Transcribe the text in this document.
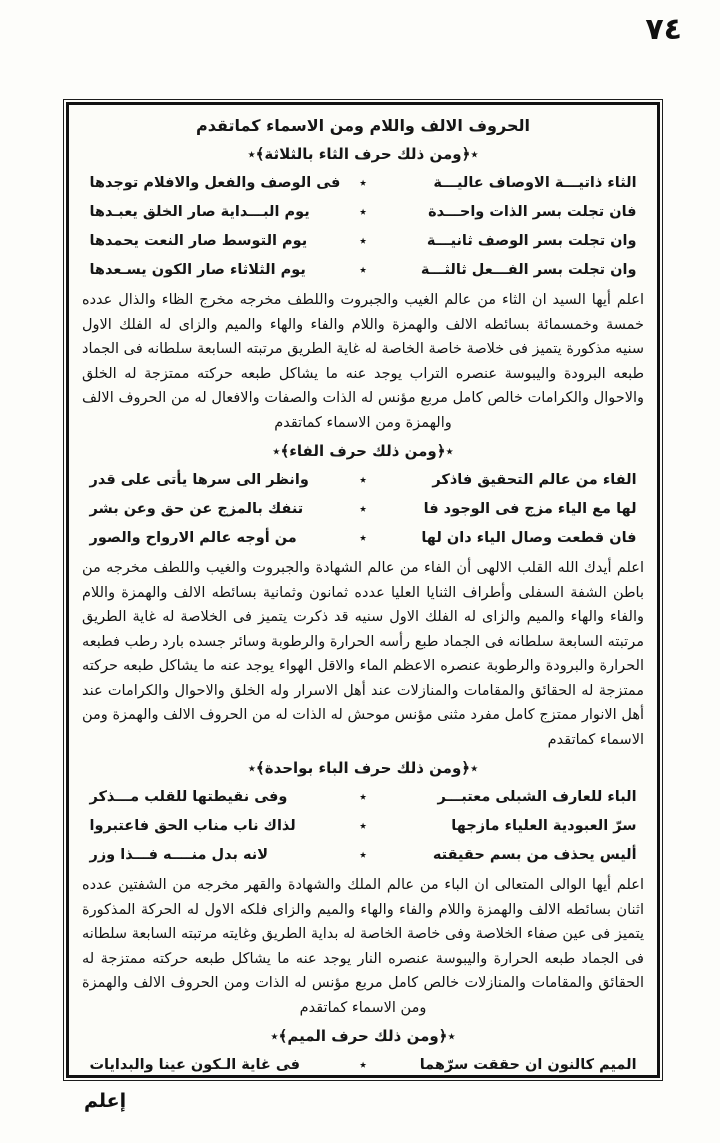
٧٤
الحروف الالف واللام ومن الاسماء كماتقدم
٭﴿ومن ذلك حرف الثاء بالثلاثة﴾٭
الثاء ذاتيـــة الاوصاف عاليـــة
٭
فى الوصف والفعل والافلام توجدها
فان تجلت بسر الذات واحـــدة
٭
يوم البـــداية صار الخلق يعبـدها
وان تجلت بسر الوصف ثانيـــة
٭
يوم التوسط صار النعت يحمدها
وان تجلت بسر الفـــعل ثالثـــة
٭
يوم الثلاثاء صار الكون يسـعدها
اعلم أيها السيد ان الثاء من عالم الغيب والجبروت واللطف مخرجه مخرج الظاء والذال عدده خمسة وخمسمائة بسائطه الالف والهمزة واللام والفاء والهاء والميم والزاى له الفلك الاول سنيه مذكورة يتميز فى خلاصة خاصة الخاصة له غاية الطريق مرتبته السابعة سلطانه فى الجماد طبعه البرودة واليبوسة عنصره التراب يوجد عنه ما يشاكل طبعه حركته ممتزجة له الخلق والاحوال والكرامات خالص كامل مربع مؤنس له الذات والصفات والافعال له من الحروف الالف والهمزة ومن الاسماء كماتقدم
٭﴿ومن ذلك حرف الفاء﴾٭
الفاء من عالم التحقيق فاذكر
٭
وانظر الى سرها يأتى على قدر
لها مع الياء مزج فى الوجود فا
٭
تنفك بالمزج عن حق وعن بشر
فان قطعت وصال الياء دان لها
٭
من أوجه عالم الارواح والصور
اعلم أيدك الله القلب الالهى أن الفاء من عالم الشهادة والجبروت والغيب واللطف مخرجه من باطن الشفة السفلى وأطراف الثنايا العليا عدده ثمانون وثمانية بسائطه الالف والهمزة واللام والفاء والهاء والميم والزاى له الفلك الاول سنيه قد ذكرت يتميز فى الخلاصة له غاية الطريق مرتبته السابعة سلطانه فى الجماد طبع رأسه الحرارة والرطوبة وسائر جسده بارد رطب فطبعه الحرارة والبرودة والرطوبة عنصره الاعظم الماء والاقل الهواء يوجد عنه ما يشاكل طبعه حركته ممتزجة له الحقائق والمقامات والمنازلات عند أهل الاسرار وله الخلق والاحوال والكرامات عند أهل الانوار ممتزج كامل مفرد مثنى مؤنس موحش له الذات له من الحروف الالف والهمزة ومن الاسماء كماتقدم
٭﴿ومن ذلك حرف الباء بواحدة﴾٭
الباء للعارف الشبلى معتبـــر
٭
وفى نقيطتها للقلب مـــذكر
سرّ العبودية العلياء مازجها
٭
لذاك ناب مناب الحق فاعتبروا
أليس يحذف من بسم حقيقته
٭
لانه بدل منــــه فـــذا وزر
اعلم أيها الوالى المتعالى ان الباء من عالم الملك والشهادة والقهر مخرجه من الشفتين عدده اثنان بسائطه الالف والهمزة واللام والفاء والهاء والميم والزاى فلكه الاول له الحركة المذكورة يتميز فى عين صفاء الخلاصة وفى خاصة الخاصة له بداية الطريق وغايته مرتبته السابعة سلطانه فى الجماد طبعه الحرارة واليبوسة عنصره النار يوجد عنه ما يشاكل طبعه حركته ممتزجة له الحقائق والمقامات والمنازلات خالص كامل مربع مؤنس له الذات ومن الحروف الالف والهمزة ومن الاسماء كماتقدم
٭﴿ومن ذلك حرف الميم﴾٭
الميم كالنون ان حققت سرّهما
٭
فى غاية الـكون عينا والبدايات
إعلم
